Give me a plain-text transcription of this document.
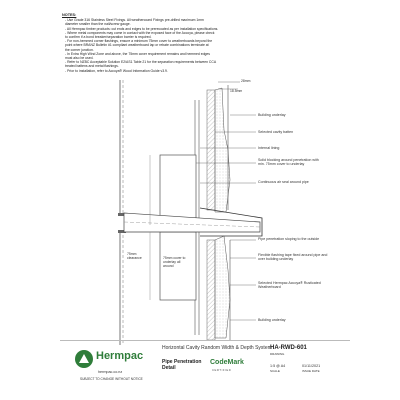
NOTES:
- Use Grade 316 Stainless Steel Fixings. All weathercoard Fixings pre-drilled maximum 1mm
diameter smaller than the nail/screw gauge.
- All Hermpac timber products: cut ends and edges to be prerecoated as per installation specifications.
- Where metal components may come in contact with the exposed face of the Accoya, please check
to confirm if a bond breaker/separation barrier is required.
- For non-hemmed corner flashings, ensure a minimum 75mm cover to weatherboards beyond the
point where BRANZ Bulletin #1 compliant weatherboard lap or rebate combinations terminate at
the corner junction.
- In Extra High Wind Zone and above, the 75mm cover requirement remains and hemmed edges
must also be used.
- Refer to NZBC Acceptable Solution E2/AS1 Table 21 for the separation requirements between CCA
treated battens and metal flashings.
- Prior to installation, refer to Accoya® Wood Information Guide v3.9.
28mm
18.5mm
75mm clearance	75mm cover to underlay all around
Building underlay
Selected cavity batten
Internal lining
Solid blocking around penetration with min. 75mm cover to underlay
Continuous air seal around pipe
Pipe penetration sloping to the outside
Flexible flashing tape fixed around pipe and over building underlay
Selected Hermpac Accoya® Rusticated Weatherboard
Building underlay
Hermpac
hermpac.co.nz
SUBJECT TO CHANGE WITHOUT NOTICE
Horizontal Cavity Random Width & Depth System
Pipe Penetration
Detail
CodeMark
CERTIFIED
HA-RWD-601
DRAWING
1:5 @ A4
SCALE
01/11/2021
ISSUE DATE
